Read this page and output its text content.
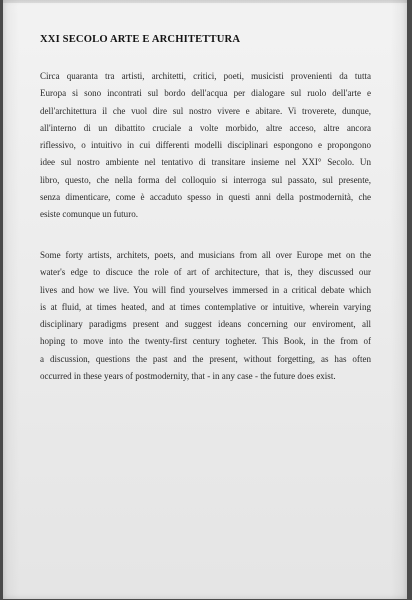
XXI SECOLO ARTE E ARCHITETTURA
Circa quaranta tra artisti, architetti, critici, poeti, musicisti provenienti da tutta
Europa si sono incontrati sul bordo dell'acqua per dialogare sul ruolo dell'arte e
dell'architettura il che vuol dire sul nostro vivere e abitare. Vi troverete, dunque,
all'interno di un dibattito cruciale a volte morbido, altre acceso, altre ancora
riflessivo, o intuitivo in cui differenti modelli disciplinari espongono e propongono
idee sul nostro ambiente nel tentativo di transitare insieme nel XXI° Secolo. Un
libro, questo, che nella forma del colloquio si interroga sul passato, sul presente,
senza dimenticare, come è accaduto spesso in questi anni della postmodernità, che
esiste comunque un futuro.
Some forty artists, architets, poets, and musicians from all over Europe met on the
water's edge to discuce the role of art of architecture, that is, they discussed our
lives and how we live. You will find yourselves immersed in a critical debate which
is at fluid, at times heated, and at times contemplative or intuitive, wherein varying
disciplinary paradigms present and suggest ideans concerning our enviroment, all
hoping to move into the twenty-first century togheter. This Book, in the from of
a discussion, questions the past and the present, without forgetting, as has often
occurred in these years of postmodernity, that - in any case - the future does exist.
